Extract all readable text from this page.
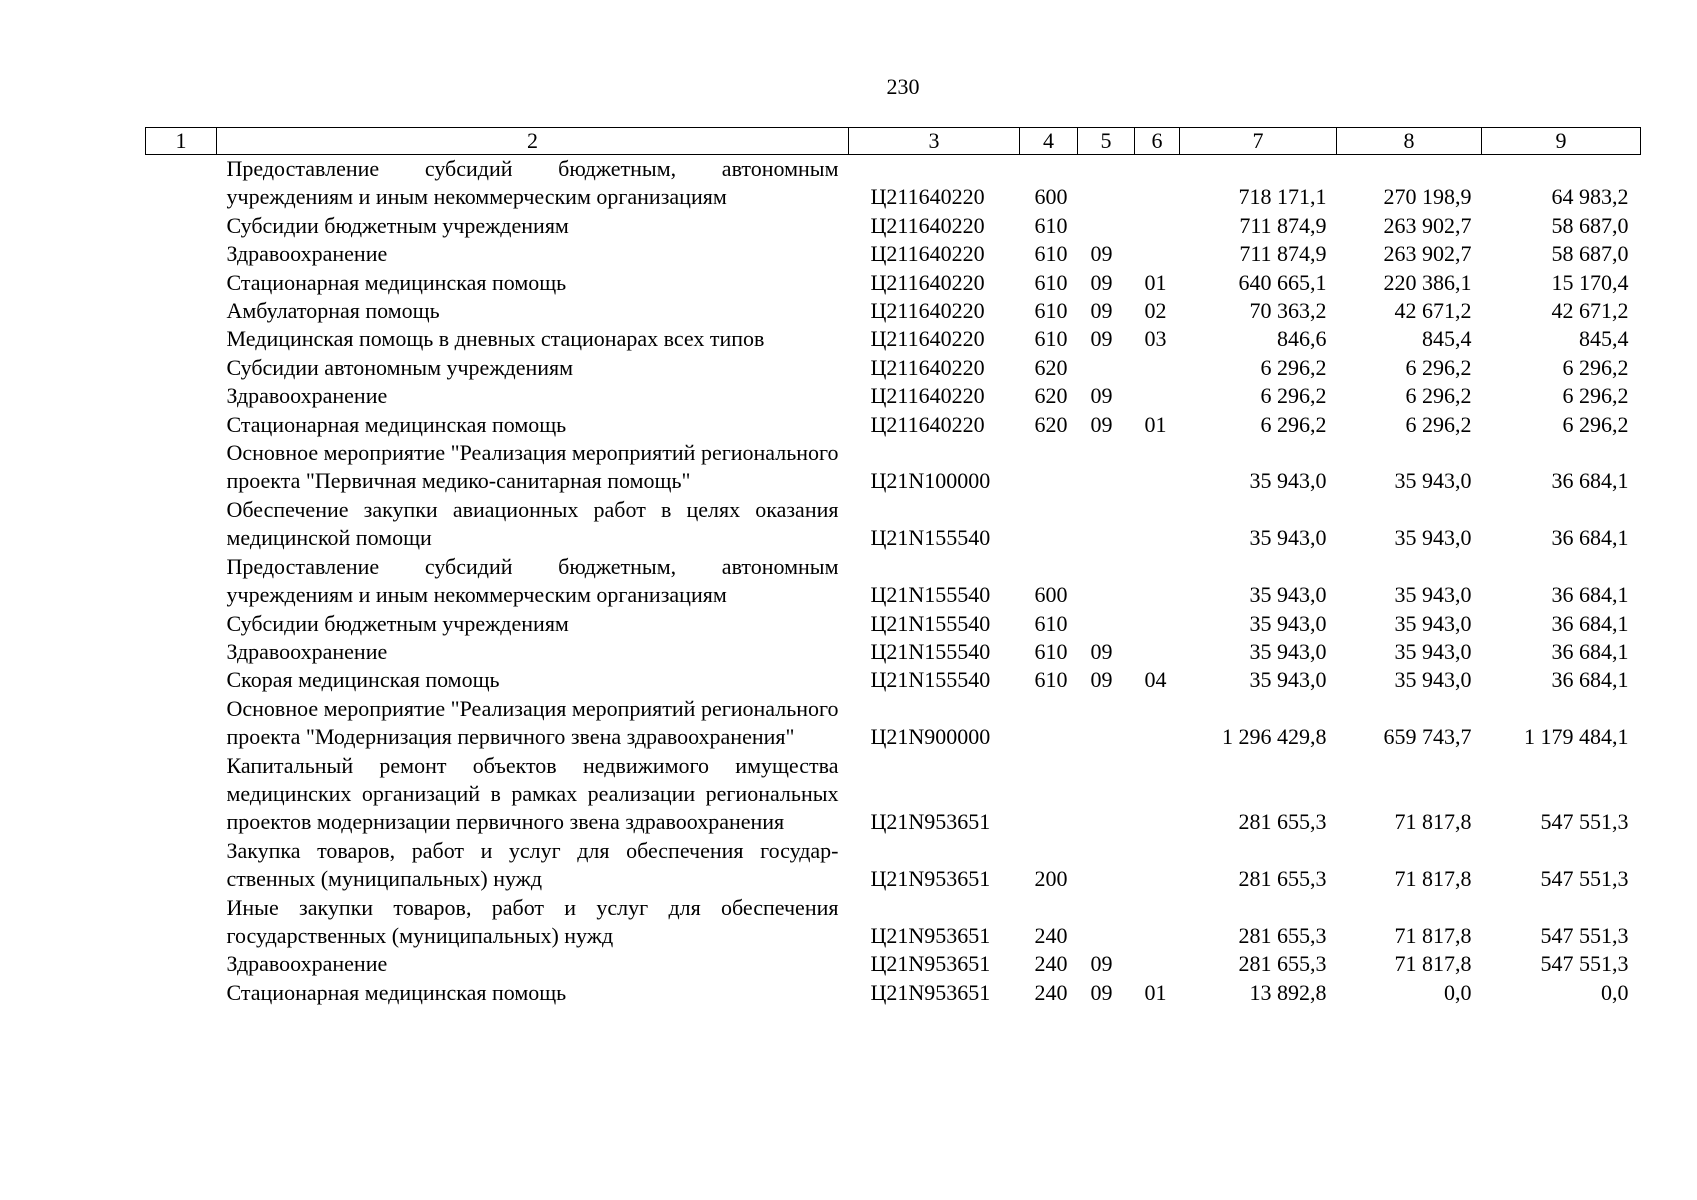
230
1	2	3	4	5	6	7	8	9
	Предоставление субсидий бюджетным, автономным учреждениям и иным некоммерческим организациям	Ц211640220	600			718 171,1	270 198,9	64 983,2
	Субсидии бюджетным учреждениям	Ц211640220	610			711 874,9	263 902,7	58 687,0
	Здравоохранение	Ц211640220	610	09		711 874,9	263 902,7	58 687,0
	Стационарная медицинская помощь	Ц211640220	610	09	01	640 665,1	220 386,1	15 170,4
	Амбулаторная помощь	Ц211640220	610	09	02	70 363,2	42 671,2	42 671,2
	Медицинская помощь в дневных стационарах всех типов	Ц211640220	610	09	03	846,6	845,4	845,4
	Субсидии автономным учреждениям	Ц211640220	620			6 296,2	6 296,2	6 296,2
	Здравоохранение	Ц211640220	620	09		6 296,2	6 296,2	6 296,2
	Стационарная медицинская помощь	Ц211640220	620	09	01	6 296,2	6 296,2	6 296,2
	Основное мероприятие "Реализация мероприятий регионального проекта "Первичная медико-санитарная помощь"	Ц21N100000				35 943,0	35 943,0	36 684,1
	Обеспечение закупки авиационных работ в целях оказания медицинской помощи	Ц21N155540				35 943,0	35 943,0	36 684,1
	Предоставление субсидий бюджетным, автономным учреждениям и иным некоммерческим организациям	Ц21N155540	600			35 943,0	35 943,0	36 684,1
	Субсидии бюджетным учреждениям	Ц21N155540	610			35 943,0	35 943,0	36 684,1
	Здравоохранение	Ц21N155540	610	09		35 943,0	35 943,0	36 684,1
	Скорая медицинская помощь	Ц21N155540	610	09	04	35 943,0	35 943,0	36 684,1
	Основное мероприятие "Реализация мероприятий регионального проекта "Модернизация первичного звена здравоохранения"	Ц21N900000				1 296 429,8	659 743,7	1 179 484,1
	Капитальный ремонт объектов недвижимого имущества медицинских организаций в рамках реализации региональных проектов модернизации первичного звена здравоохранения	Ц21N953651				281 655,3	71 817,8	547 551,3
	Закупка товаров, работ и услуг для обеспечения государственных (муниципальных) нужд	Ц21N953651	200			281 655,3	71 817,8	547 551,3
	Иные закупки товаров, работ и услуг для обеспечения государственных (муниципальных) нужд	Ц21N953651	240			281 655,3	71 817,8	547 551,3
	Здравоохранение	Ц21N953651	240	09		281 655,3	71 817,8	547 551,3
	Стационарная медицинская помощь	Ц21N953651	240	09	01	13 892,8	0,0	0,0
